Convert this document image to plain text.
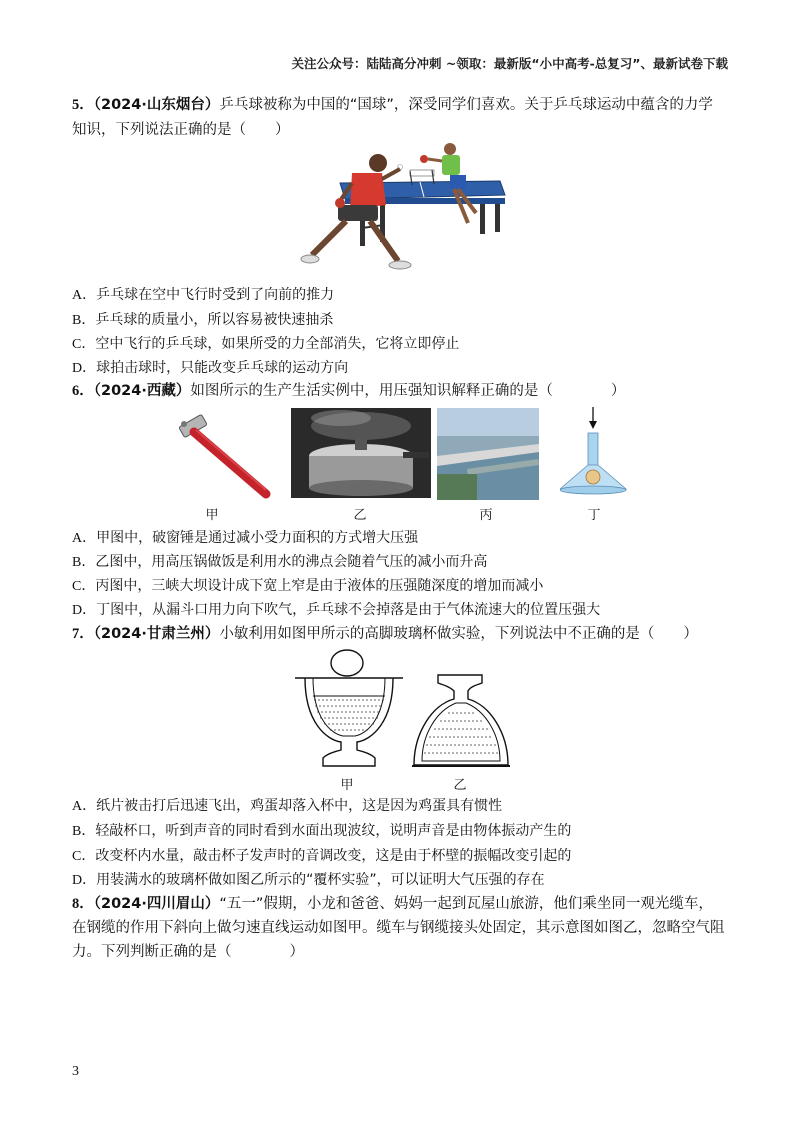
关注公众号：陆陆高分冲刺 ~领取：最新版“小中高考-总复习”、最新试卷下载
5．（2024·山东烟台）乒乓球被称为中国的“国球”，深受同学们喜欢。关于乒乓球运动中蕴含的力学
知识，下列说法正确的是（　　）
A．乒乓球在空中飞行时受到了向前的推力
B．乒乓球的质量小，所以容易被快速抽杀
C．空中飞行的乒乓球，如果所受的力全部消失，它将立即停止
D．球拍击球时，只能改变乒乓球的运动方向
6．（2024·西藏）如图所示的生产生活实例中，用压强知识解释正确的是（　　　　）
甲	乙	丙	丁
A．甲图中，破窗锤是通过减小受力面积的方式增大压强
B．乙图中，用高压锅做饭是利用水的沸点会随着气压的减小而升高
C．丙图中，三峡大坝设计成下宽上窄是由于液体的压强随深度的增加而减小
D．丁图中，从漏斗口用力向下吹气，乒乓球不会掉落是由于气体流速大的位置压强大
7．（2024·甘肃兰州）小敏利用如图甲所示的高脚玻璃杯做实验，下列说法中不正确的是（　　）
甲	乙
A．纸片被击打后迅速飞出，鸡蛋却落入杯中，这是因为鸡蛋具有惯性
B．轻敲杯口，听到声音的同时看到水面出现波纹，说明声音是由物体振动产生的
C．改变杯内水量，敲击杯子发声时的音调改变，这是由于杯壁的振幅改变引起的
D．用装满水的玻璃杯做如图乙所示的“覆杯实验”，可以证明大气压强的存在
8．（2024·四川眉山）“五一”假期，小龙和爸爸、妈妈一起到瓦屋山旅游，他们乘坐同一观光缆车，
在钢缆的作用下斜向上做匀速直线运动如图甲。缆车与钢缆接头处固定，其示意图如图乙，忽略空气阻
力。下列判断正确的是（　　　　）
3
